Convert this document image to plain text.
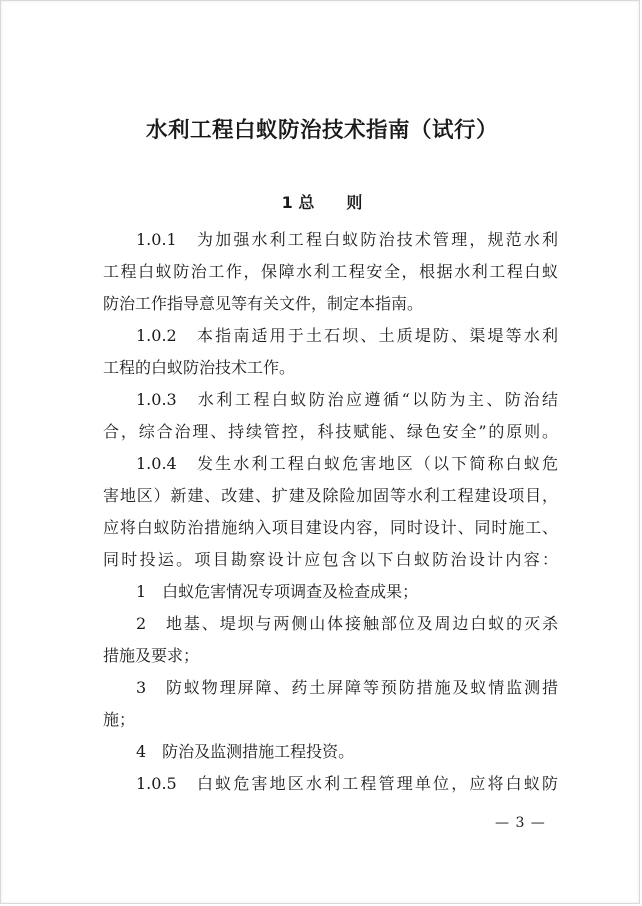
水利工程白蚁防治技术指南（试行）
1 总　　则
1.0.1　为加强水利工程白蚁防治技术管理，规范水利
工程白蚁防治工作，保障水利工程安全，根据水利工程白蚁
防治工作指导意见等有关文件，制定本指南。
1.0.2　本指南适用于土石坝、土质堤防、渠堤等水利
工程的白蚁防治技术工作。
1.0.3　水利工程白蚁防治应遵循“以防为主、防治结
合，综合治理、持续管控，科技赋能、绿色安全”的原则。
1.0.4　发生水利工程白蚁危害地区（以下简称白蚁危
害地区）新建、改建、扩建及除险加固等水利工程建设项目，
应将白蚁防治措施纳入项目建设内容，同时设计、同时施工、
同时投运。项目勘察设计应包含以下白蚁防治设计内容：
1　白蚁危害情况专项调查及检查成果；
2　地基、堤坝与两侧山体接触部位及周边白蚁的灭杀
措施及要求；
3　防蚁物理屏障、药土屏障等预防措施及蚁情监测措
施；
4　防治及监测措施工程投资。
1.0.5　白蚁危害地区水利工程管理单位，应将白蚁防
— 3 —
